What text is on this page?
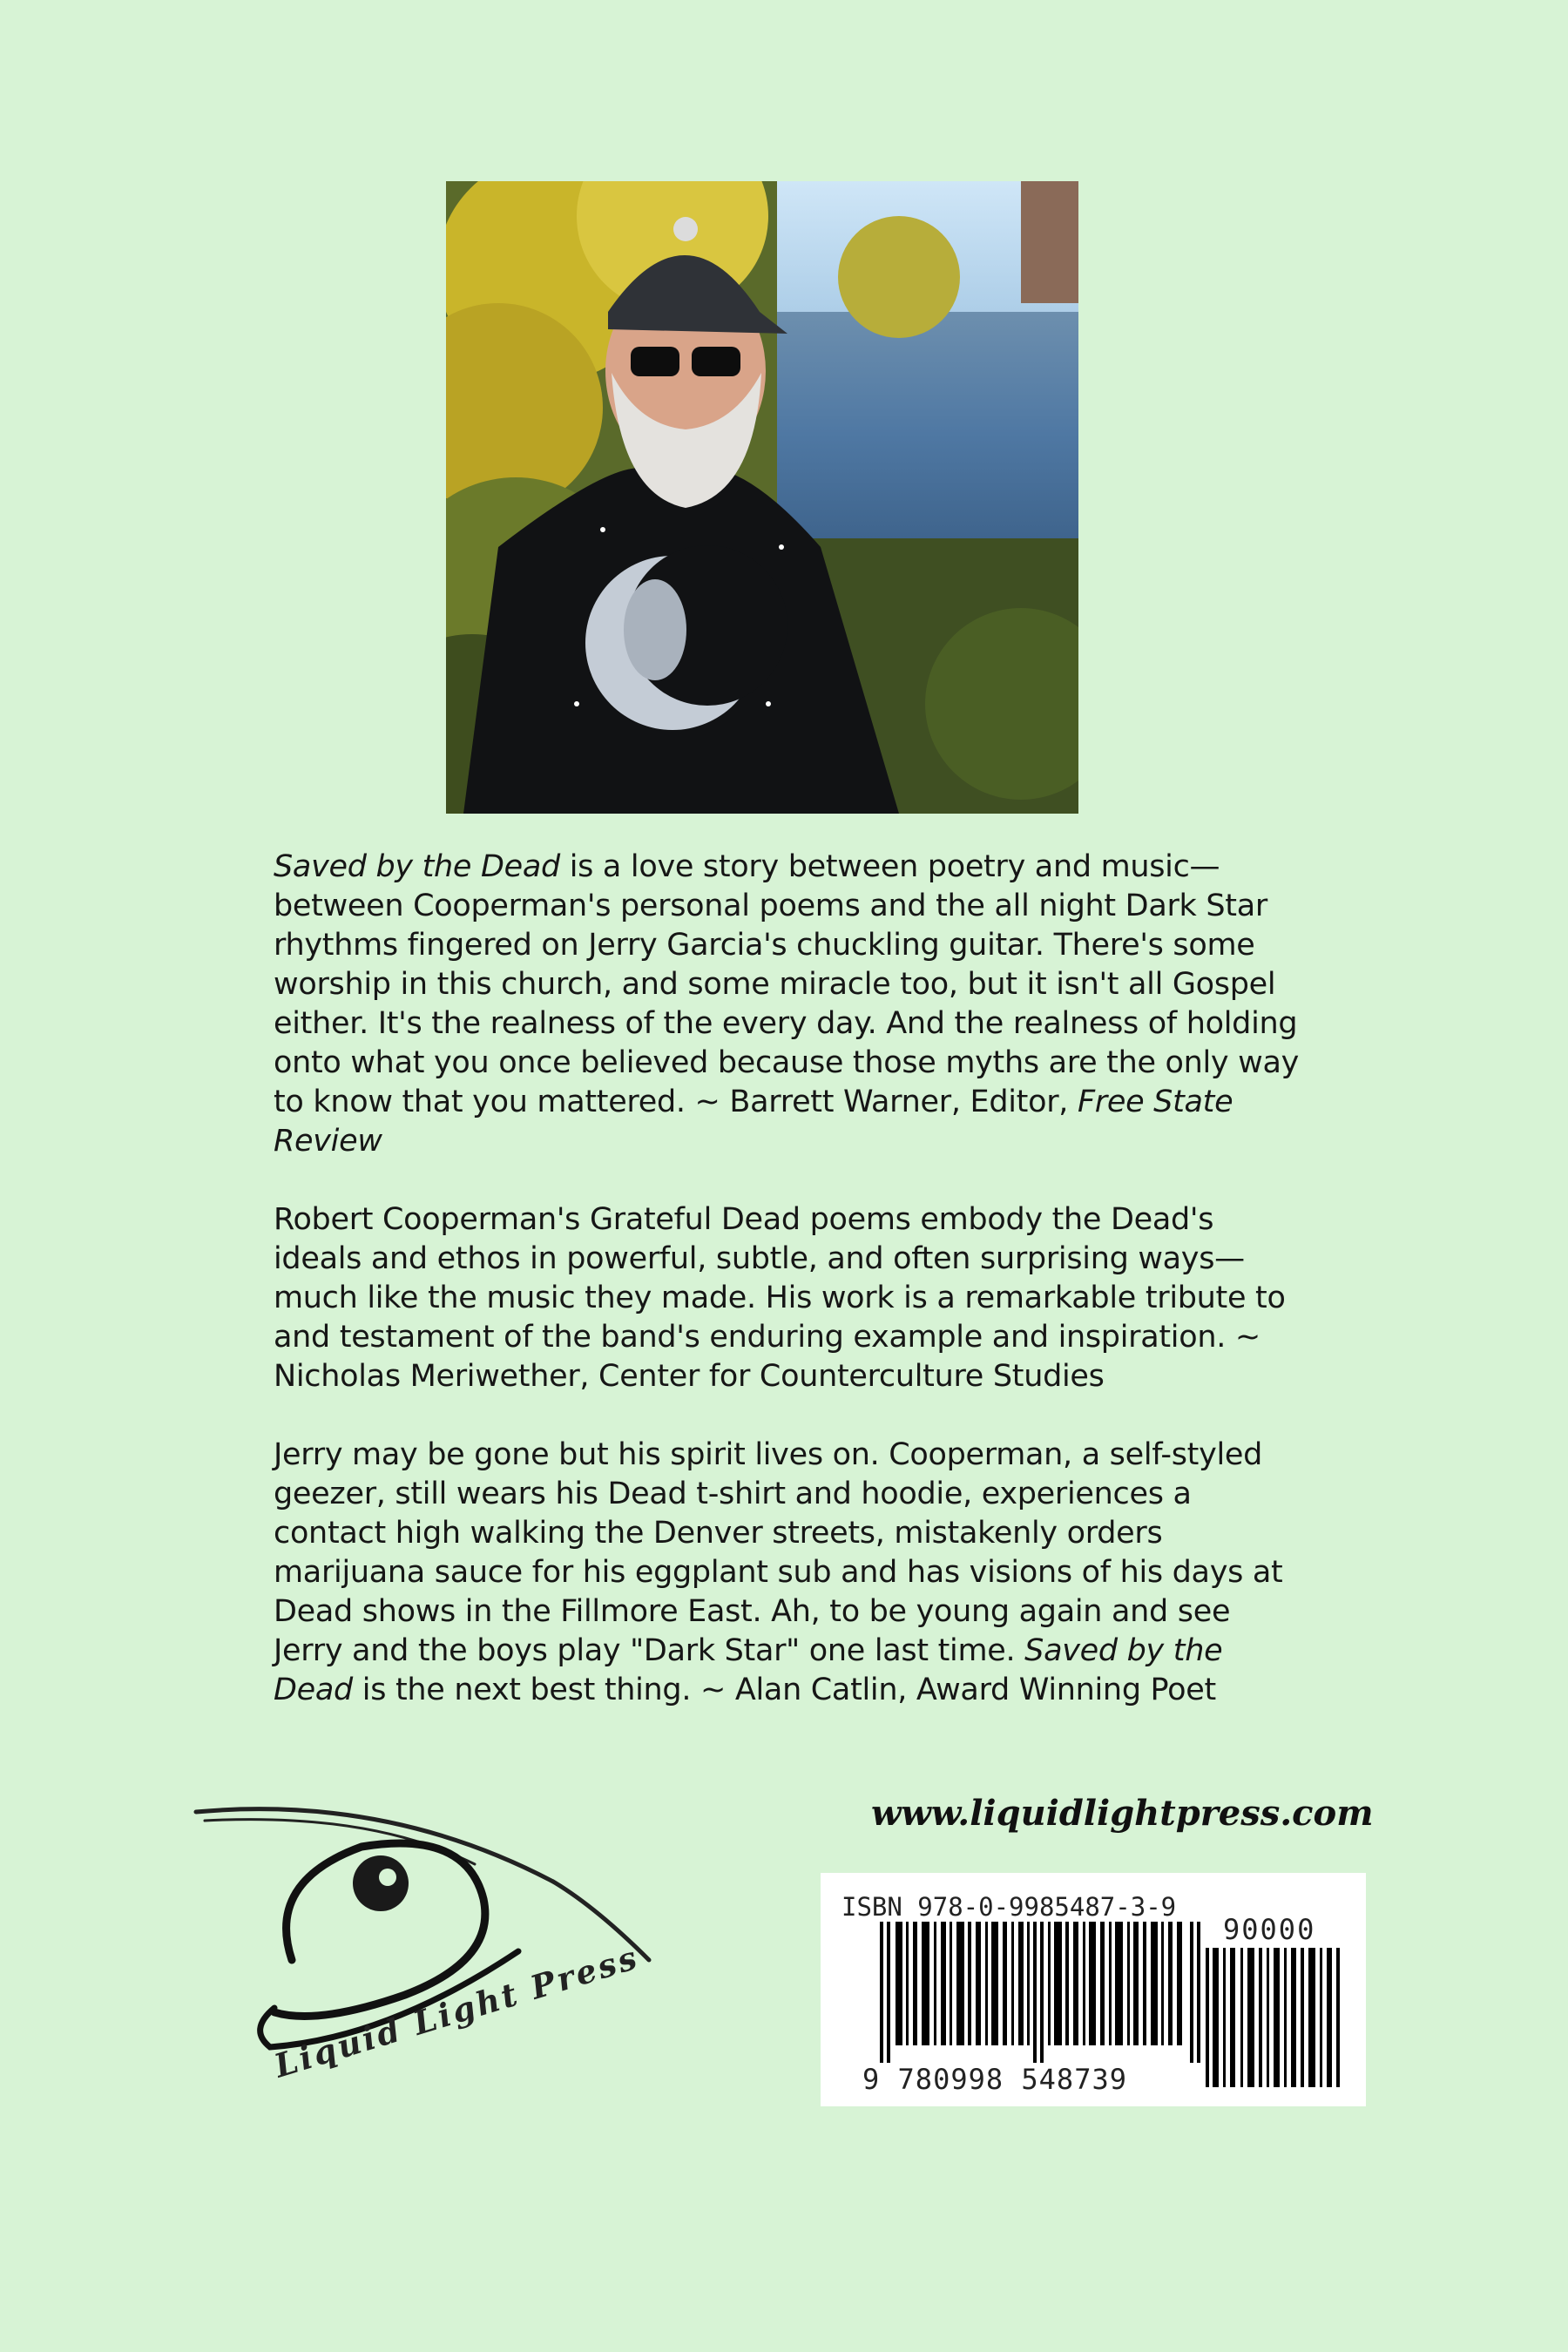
Saved by the Dead is a love story between poetry and music—between Cooperman's personal poems and the all night Dark Star rhythms fingered on Jerry Garcia's chuckling guitar. There's some worship in this church, and some miracle too, but it isn't all Gospel either. It's the realness of the every day. And the realness of holding onto what you once believed because those myths are the only way to know that you mattered. ~ Barrett Warner, Editor, Free State Review

Robert Cooperman's Grateful Dead poems embody the Dead's ideals and ethos in powerful, subtle, and often surprising ways—much like the music they made. His work is a remarkable tribute to and testament of the band's enduring example and inspiration. ~ Nicholas Meriwether, Center for Counterculture Studies

Jerry may be gone but his spirit lives on. Cooperman, a self-styled geezer, still wears his Dead t-shirt and hoodie, experiences a contact high walking the Denver streets, mistakenly orders marijuana sauce for his eggplant sub and has visions of his days at Dead shows in the Fillmore East. Ah, to be young again and see Jerry and the boys play "Dark Star" one last time. Saved by the Dead is the next best thing. ~ Alan Catlin, Award Winning Poet

Liquid Light Press
www.liquidlightpress.com
ISBN 978-0-9985487-3-9
90000
9 780998 548739
